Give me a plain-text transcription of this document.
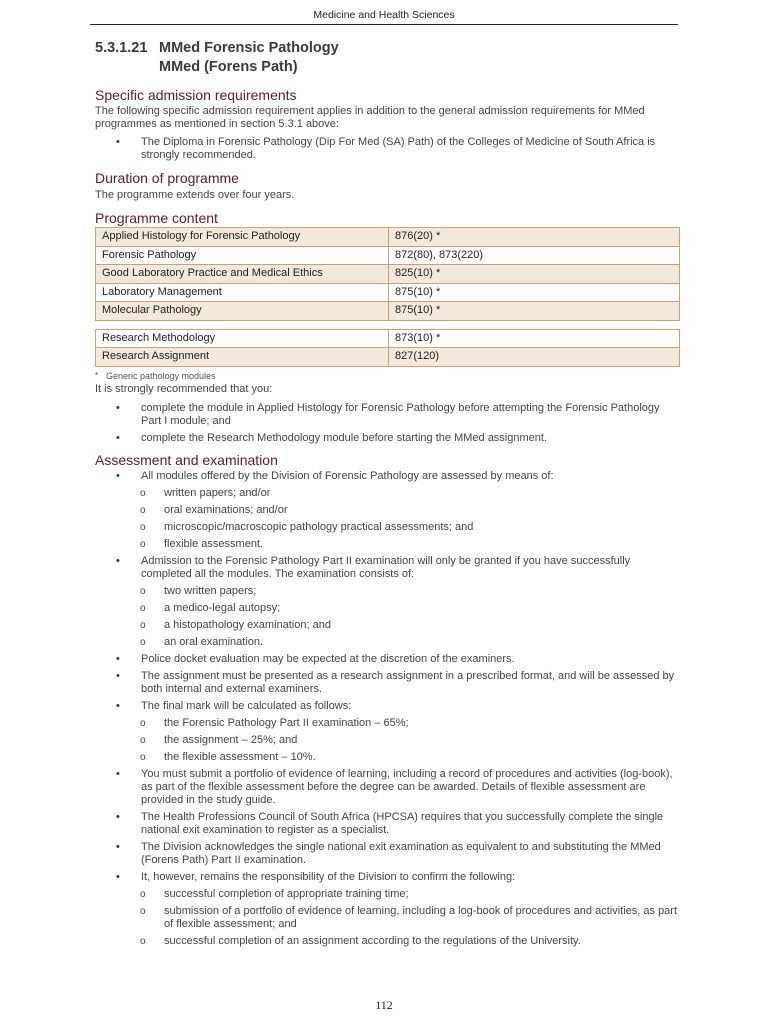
Medicine and Health Sciences
5.3.1.21 MMed Forensic Pathology
MMed (Forens Path)
Specific admission requirements

The following specific admission requirement applies in addition to the general admission requirements for MMed programmes as mentioned in section 5.3.1 above:

• The Diploma in Forensic Pathology (Dip For Med (SA) Path) of the Colleges of Medicine of South Africa is strongly recommended.
Duration of programme

The programme extends over four years.

Programme content
Applied Histology for Forensic Pathology	876(20) *
Forensic Pathology	872(80), 873(220)
Good Laboratory Practice and Medical Ethics	825(10) *
Laboratory Management	875(10) *
Molecular Pathology	875(10) *
Research Methodology	873(10) *
Research Assignment	827(120)
* Generic pathology modules

It is strongly recommended that you:

• complete the module in Applied Histology for Forensic Pathology before attempting the Forensic Pathology Part I module; and
• complete the Research Methodology module before starting the MMed assignment.
Assessment and examination
• All modules offered by the Division of Forensic Pathology are assessed by means of:
o written papers; and/or
o oral examinations; and/or
o microscopic/macroscopic pathology practical assessments; and
o flexible assessment.
• Admission to the Forensic Pathology Part II examination will only be granted if you have successfully completed all the modules. The examination consists of:
o two written papers;
o a medico-legal autopsy;
o a histopathology examination; and
o an oral examination.
• Police docket evaluation may be expected at the discretion of the examiners.
• The assignment must be presented as a research assignment in a prescribed format, and will be assessed by both internal and external examiners.
• The final mark will be calculated as follows:
o the Forensic Pathology Part II examination – 65%;
o the assignment – 25%; and
o the flexible assessment – 10%.
• You must submit a portfolio of evidence of learning, including a record of procedures and activities (log-book), as part of the flexible assessment before the degree can be awarded. Details of flexible assessment are provided in the study guide.
• The Health Professions Council of South Africa (HPCSA) requires that you successfully complete the single national exit examination to register as a specialist.
• The Division acknowledges the single national exit examination as equivalent to and substituting the MMed (Forens Path) Part II examination.
• It, however, remains the responsibility of the Division to confirm the following:
o successful completion of appropriate training time;
o submission of a portfolio of evidence of learning, including a log-book of procedures and activities, as part of flexible assessment; and
o successful completion of an assignment according to the regulations of the University.
112
